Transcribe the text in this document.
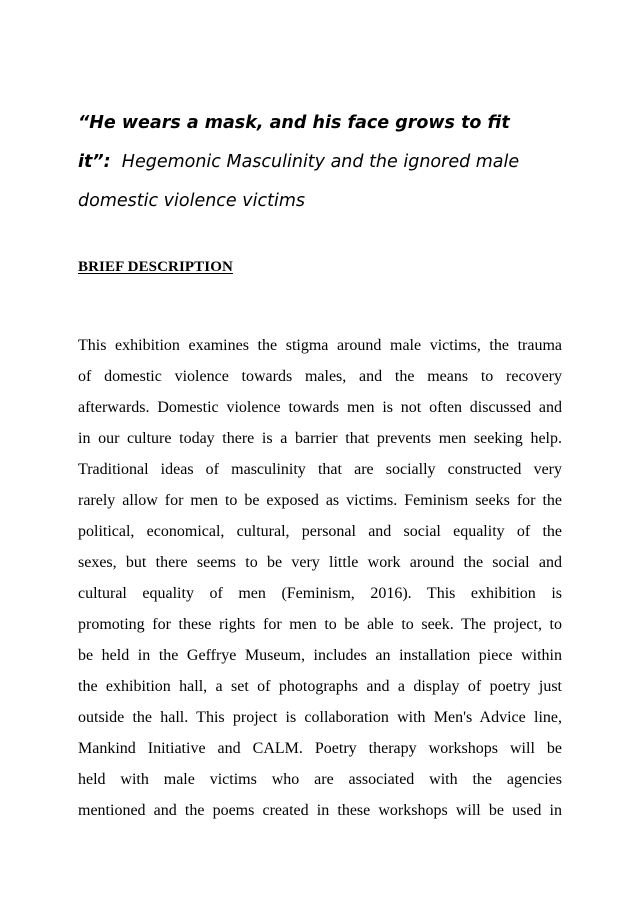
“He wears a mask, and his face grows to fit it”: Hegemonic Masculinity and the ignored male domestic violence victims
BRIEF DESCRIPTION
This exhibition examines the stigma around male victims, the trauma
of domestic violence towards males, and the means to recovery
afterwards. Domestic violence towards men is not often discussed and
in our culture today there is a barrier that prevents men seeking help.
Traditional ideas of masculinity that are socially constructed very
rarely allow for men to be exposed as victims. Feminism seeks for the
political, economical, cultural, personal and social equality of the
sexes, but there seems to be very little work around the social and
cultural equality of men (Feminism, 2016). This exhibition is
promoting for these rights for men to be able to seek. The project, to
be held in the Geffrye Museum, includes an installation piece within
the exhibition hall, a set of photographs and a display of poetry just
outside the hall. This project is collaboration with Men's Advice line,
Mankind Initiative and CALM. Poetry therapy workshops will be
held with male victims who are associated with the agencies
mentioned and the poems created in these workshops will be used in
